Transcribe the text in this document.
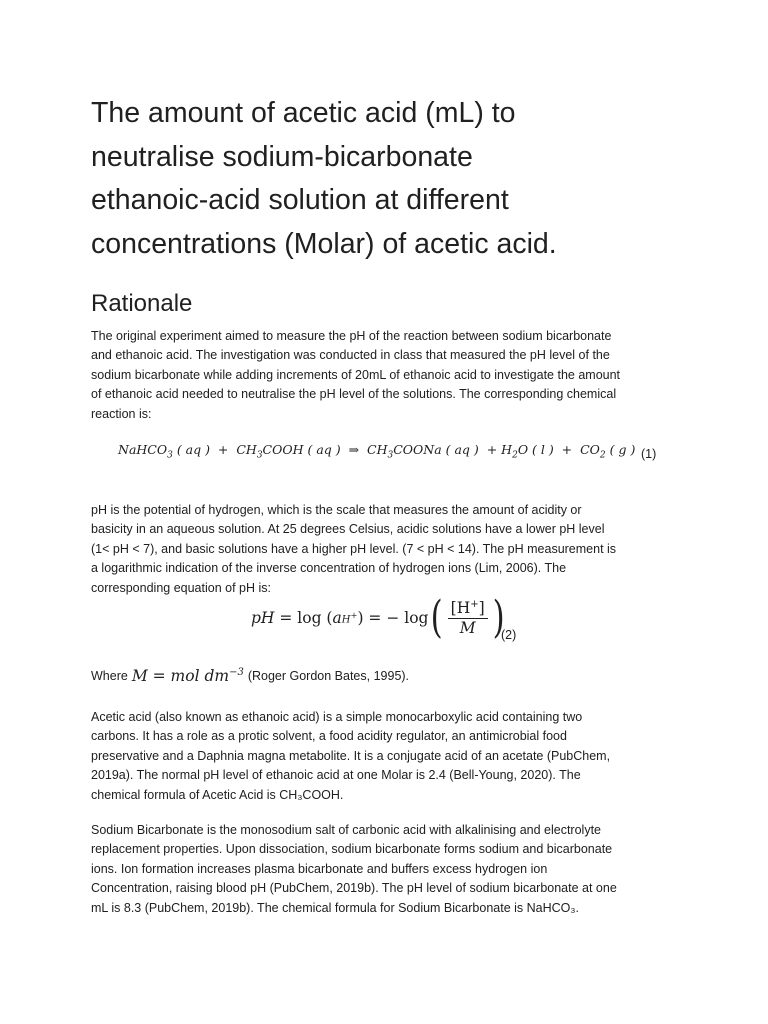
The amount of acetic acid (mL) to
neutralise sodium-bicarbonate
ethanoic-acid solution at different
concentrations (Molar) of acetic acid.
Rationale

The original experiment aimed to measure the pH of the reaction between sodium bicarbonate
and ethanoic acid. The investigation was conducted in class that measured the pH level of the
sodium bicarbonate while adding increments of 20mL of ethanoic acid to investigate the amount
of ethanoic acid needed to neutralise the pH level of the solutions. The corresponding chemical
reaction is:

NaHCO$_3$ ( aq )  +  $CH_3COOH$ ( aq )  ⇒  $CH_3COONa$ ( aq )  + $H_2O$ ( l )  +  $CO_2$ ( g ) (1)

pH is the potential of hydrogen, which is the scale that measures the amount of acidity or
basicity in an aqueous solution. At 25 degrees Celsius, acidic solutions have a lower pH level
(1< pH < 7), and basic solutions have a higher pH level. (7 < pH < 14). The pH measurement is
a logarithmic indication of the inverse concentration of hydrogen ions (Lim, 2006). The
corresponding equation of pH is:

pH = log ( a H+ ) = − log ( $\frac{[H^+]}{M}$ )
(2)
Where M = mol $dm^{-3}$ (Roger Gordon Bates, 1995).

Acetic acid (also known as ethanoic acid) is a simple monocarboxylic acid containing two
carbons. It has a role as a protic solvent, a food acidity regulator, an antimicrobial food
preservative and a Daphnia magna metabolite. It is a conjugate acid of an acetate (PubChem,
2019a). The normal pH level of ethanoic acid at one Molar is 2.4 (Bell-Young, 2020). The
chemical formula of Acetic Acid is CH₃COOH.

Sodium Bicarbonate is the monosodium salt of carbonic acid with alkalinising and electrolyte
replacement properties. Upon dissociation, sodium bicarbonate forms sodium and bicarbonate
ions. Ion formation increases plasma bicarbonate and buffers excess hydrogen ion
Concentration, raising blood pH (PubChem, 2019b). The pH level of sodium bicarbonate at one
mL is 8.3 (PubChem, 2019b). The chemical formula for Sodium Bicarbonate is NaHCO₃.
